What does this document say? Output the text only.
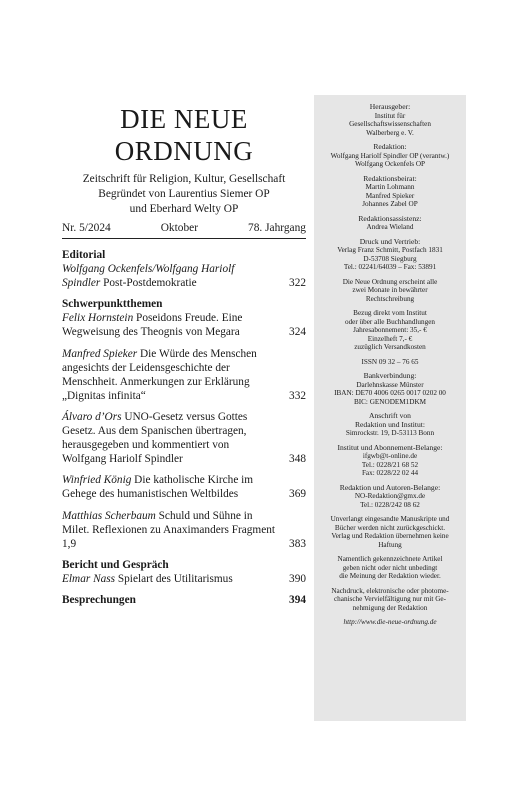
DIE NEUE
ORDNUNG
Zeitschrift für Religion, Kultur, Gesellschaft
Begründet von Laurentius Siemer OP
und Eberhard Welty OP
Nr. 5/2024	Oktober	78. Jahrgang
Editorial
Wolfgang Ockenfels/Wolfgang Hariolf Spindler Post-Postdemokratie	322
Schwerpunktthemen
Felix Hornstein Poseidons Freude. Eine Wegweisung des Theognis von Megara	324
Manfred Spieker Die Würde des Menschen angesichts der Leidensgeschichte der Menschheit. Anmerkungen zur Erklärung „Dignitas infinita“	332
Álvaro d’Ors UNO-Gesetz versus Gottes Gesetz. Aus dem Spanischen übertragen, herausgegeben und kommentiert von Wolfgang Hariolf Spindler	348
Winfried König Die katholische Kirche im Gehege des humanistischen Weltbildes	369
Matthias Scherbaum Schuld und Sühne in Milet. Reflexionen zu Anaximanders Fragment 1,9	383
Bericht und Gespräch
Elmar Nass Spielart des Utilitarismus	390
Besprechungen	394
Herausgeber:
Institut für
Gesellschaftswissenschaften
Walberberg e. V.
Redaktion:
Wolfgang Hariolf Spindler OP (verantw.)
Wolfgang Ockenfels OP
Redaktionsbeirat:
Martin Lohmann
Manfred Spieker
Johannes Zabel OP
Redaktionsassistenz:
Andrea Wieland
Druck und Vertrieb:
Verlag Franz Schmitt, Postfach 1831
D-53708 Siegburg
Tel.: 02241/64039 – Fax: 53891
Die Neue Ordnung erscheint alle
zwei Monate in bewährter
Rechtschreibung
Bezug direkt vom Institut
oder über alle Buchhandlungen
Jahresabonnement: 35,- €
Einzelheft 7,- €
zuzüglich Versandkosten
ISSN 09 32 – 76 65
Bankverbindung:
Darlehnskasse Münster
IBAN: DE70 4006 0265 0017 0202 00
BIC: GENODEM1DKM
Anschrift von
Redaktion und Institut:
Simrockstr. 19, D-53113 Bonn
Institut und Abonnement-Belange:
ifgwb@t-online.de
Tel.: 0228/21 68 52
Fax: 0228/22 02 44
Redaktion und Autoren-Belange:
NO-Redaktion@gmx.de
Tel.: 0228/242 08 62
Unverlangt eingesandte Manuskripte und
Bücher werden nicht zurückgeschickt.
Verlag und Redaktion übernehmen keine
Haftung
Namentlich gekennzeichnete Artikel
geben nicht oder nicht unbedingt
die Meinung der Redaktion wieder.
Nachdruck, elektronische oder photome-
chanische Vervielfältigung nur mit Ge-
nehmigung der Redaktion
http://www.die-neue-ordnung.de
